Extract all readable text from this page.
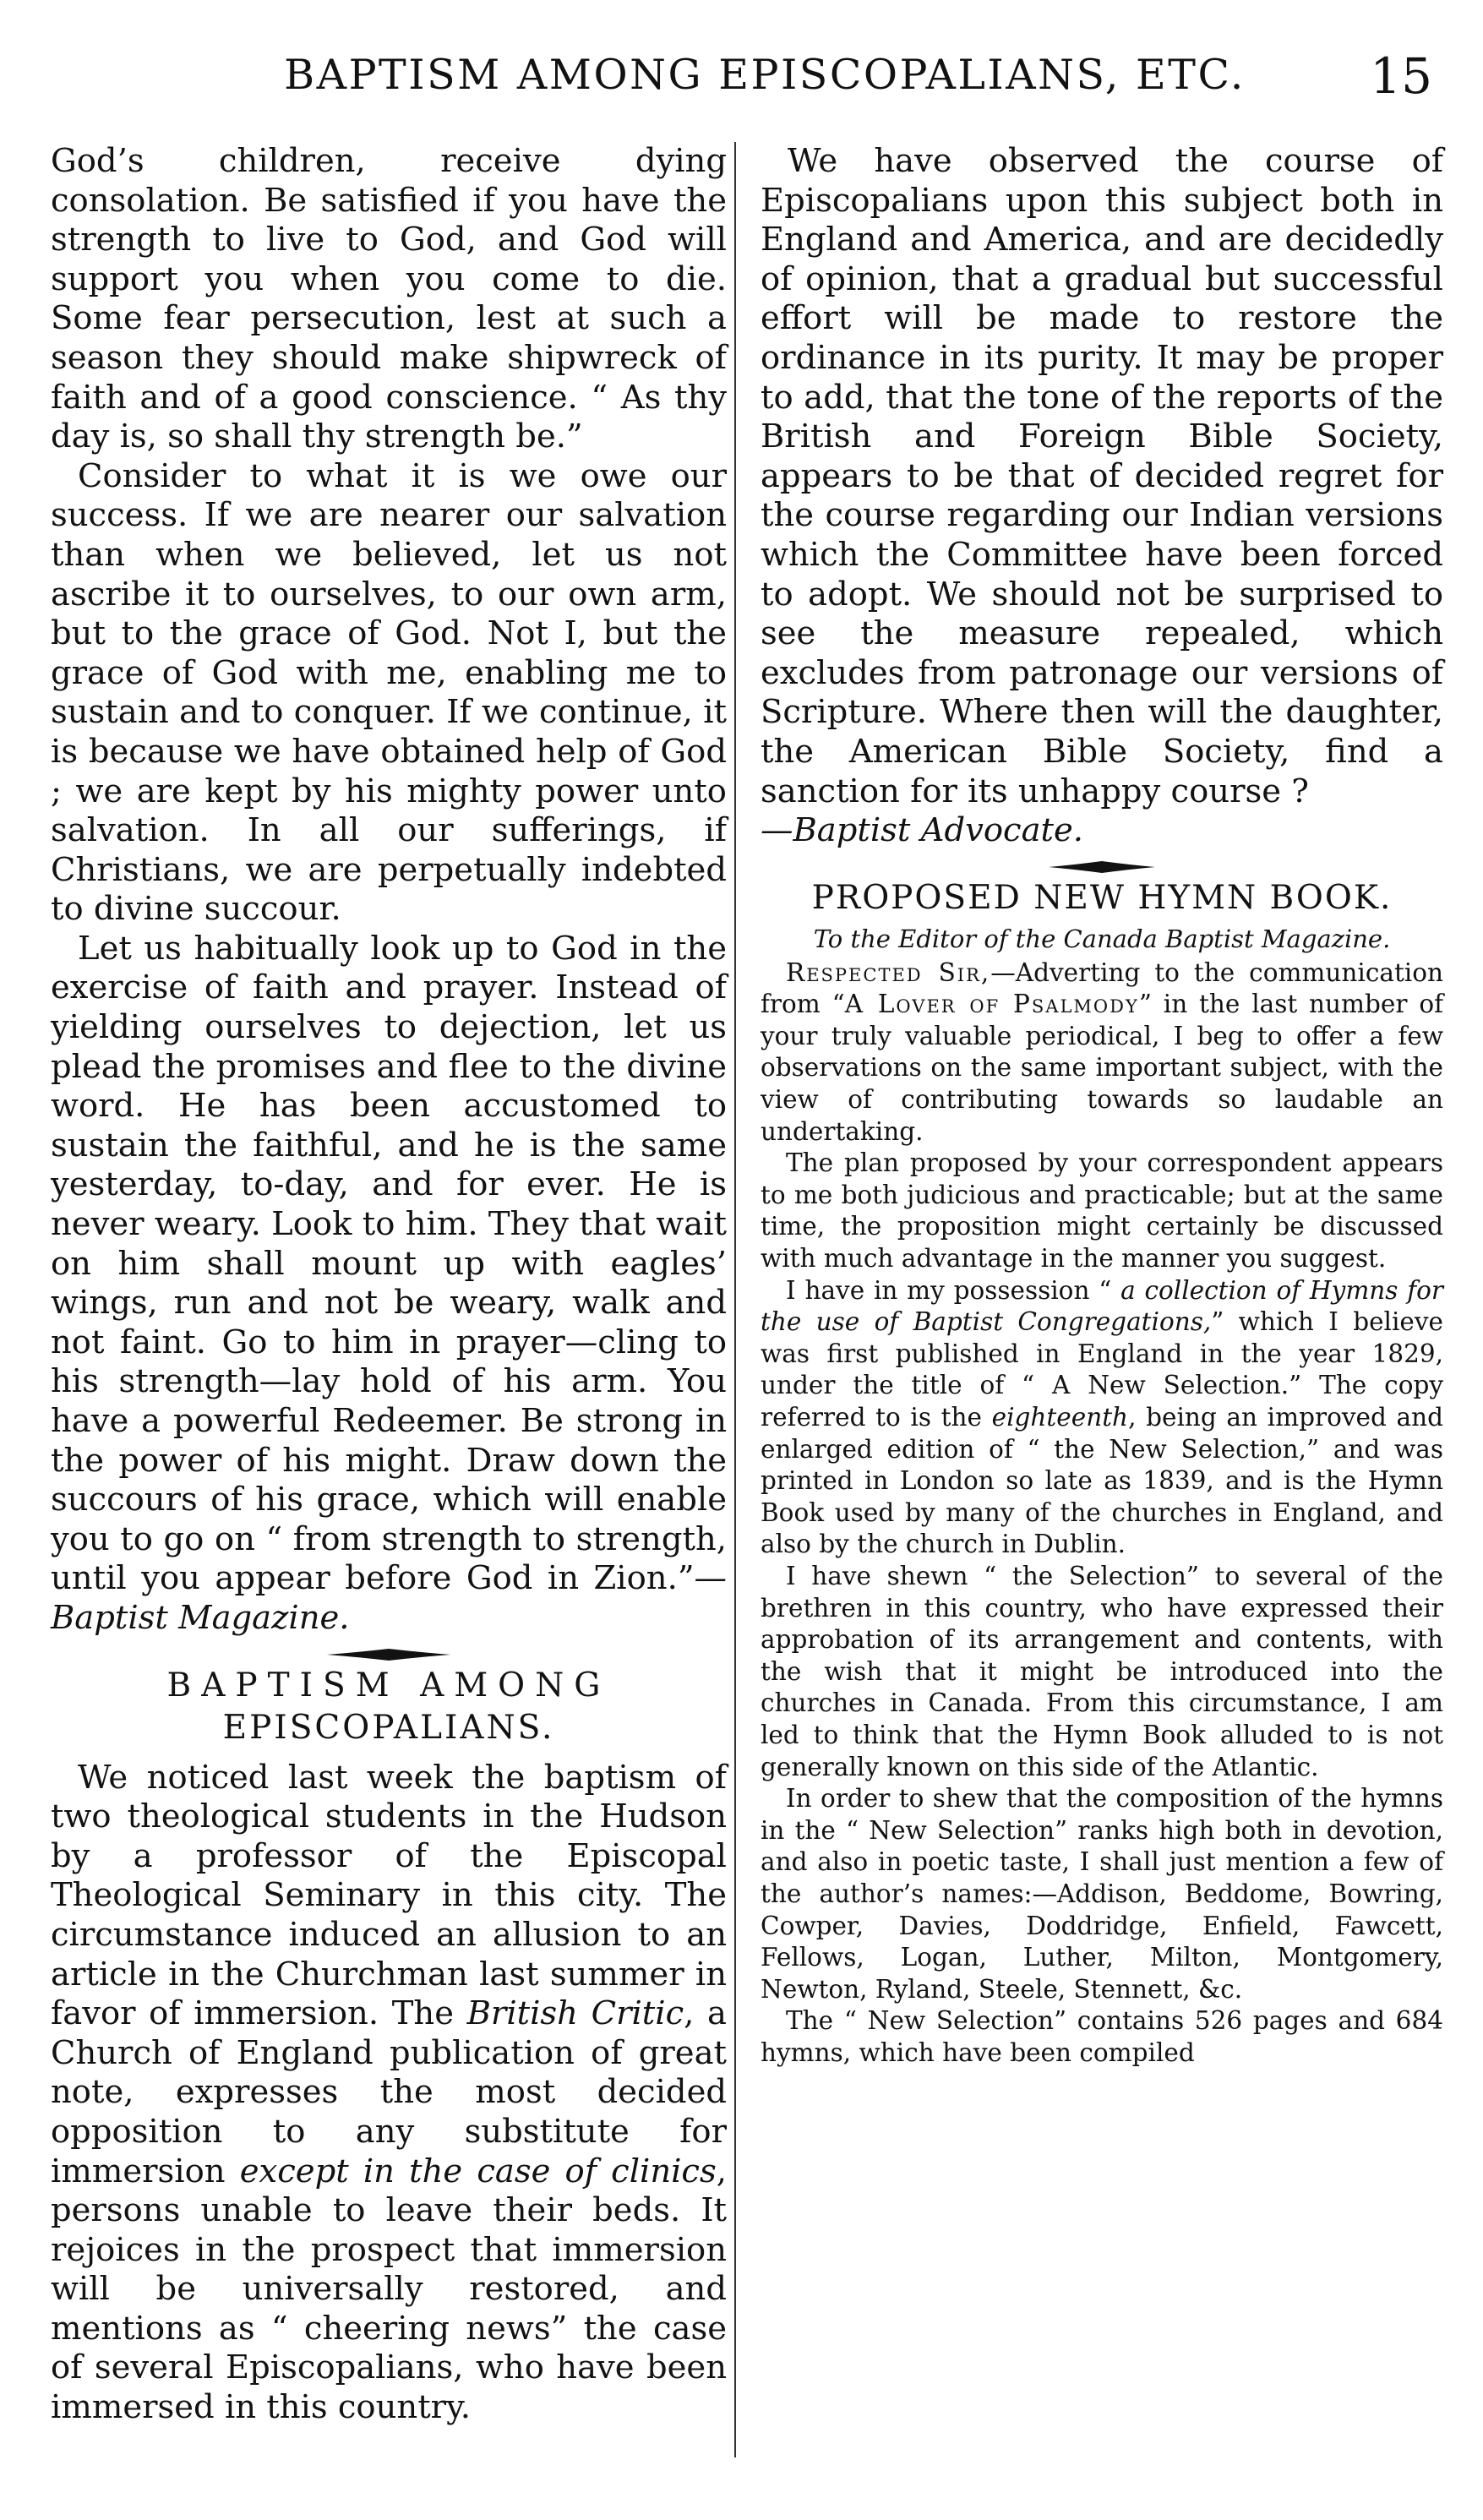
BAPTISM AMONG EPISCOPALIANS, ETC.	15

God’s children, receive dying consolation. Be satisfied if you have the strength to live to God, and God will support you when you come to die. Some fear persecution, lest at such a season they should make shipwreck of faith and of a good conscience. “ As thy day is, so shall thy strength be.”

Consider to what it is we owe our success. If we are nearer our salvation than when we believed, let us not ascribe it to ourselves, to our own arm, but to the grace of God. Not I, but the grace of God with me, enabling me to sustain and to conquer. If we continue, it is because we have obtained help of God ; we are kept by his mighty power unto salvation. In all our sufferings, if Christians, we are perpetually indebted to divine succour.

Let us habitually look up to God in the exercise of faith and prayer. Instead of yielding ourselves to dejection, let us plead the promises and flee to the divine word. He has been accustomed to sustain the faithful, and he is the same yesterday, to-day, and for ever. He is never weary. Look to him. They that wait on him shall mount up with eagles’ wings, run and not be weary, walk and not faint. Go to him in prayer—cling to his strength—lay hold of his arm. You have a powerful Redeemer. Be strong in the power of his might. Draw down the succours of his grace, which will enable you to go on “ from strength to strength, until you appear before God in Zion.”—Baptist Magazine.

BAPTISM AMONG
EPISCOPALIANS.

We noticed last week the baptism of two theological students in the Hudson by a professor of the Episcopal Theological Seminary in this city. The circumstance induced an allusion to an article in the Churchman last summer in favor of immersion. The British Critic, a Church of England publication of great note, expresses the most decided opposition to any substitute for immersion except in the case of clinics, persons unable to leave their beds. It rejoices in the prospect that immersion will be universally restored, and mentions as “ cheering news” the case of several Episcopalians, who have been immersed in this country.

We have observed the course of Episcopalians upon this subject both in England and America, and are decidedly of opinion, that a gradual but successful effort will be made to restore the ordinance in its purity. It may be proper to add, that the tone of the reports of the British and Foreign Bible Society, appears to be that of decided regret for the course regarding our Indian versions which the Committee have been forced to adopt. We should not be surprised to see the measure repealed, which excludes from patronage our versions of Scripture. Where then will the daughter, the American Bible Society, find a sanction for its unhappy course ?

—Baptist Advocate.

PROPOSED NEW HYMN BOOK.
To the Editor of the Canada Baptist Magazine.

Respected Sir,—Adverting to the communication from “A Lover of Psalmody” in the last number of your truly valuable periodical, I beg to offer a few observations on the same important subject, with the view of contributing towards so laudable an undertaking.

The plan proposed by your correspondent appears to me both judicious and practicable; but at the same time, the proposition might certainly be discussed with much advantage in the manner you suggest.

I have in my possession “ a collection of Hymns for the use of Baptist Congregations,” which I believe was first published in England in the year 1829, under the title of “ A New Selection.” The copy referred to is the eighteenth, being an improved and enlarged edition of “ the New Selection,” and was printed in London so late as 1839, and is the Hymn Book used by many of the churches in England, and also by the church in Dublin.

I have shewn “ the Selection” to several of the brethren in this country, who have expressed their approbation of its arrangement and contents, with the wish that it might be introduced into the churches in Canada. From this circumstance, I am led to think that the Hymn Book alluded to is not generally known on this side of the Atlantic.

In order to shew that the composition of the hymns in the “ New Selection” ranks high both in devotion, and also in poetic taste, I shall just mention a few of the author’s names:—Addison, Beddome, Bowring, Cowper, Davies, Doddridge, Enfield, Fawcett, Fellows, Logan, Luther, Milton, Montgomery, Newton, Ryland, Steele, Stennett, &c.

The “ New Selection” contains 526 pages and 684 hymns, which have been compiled
